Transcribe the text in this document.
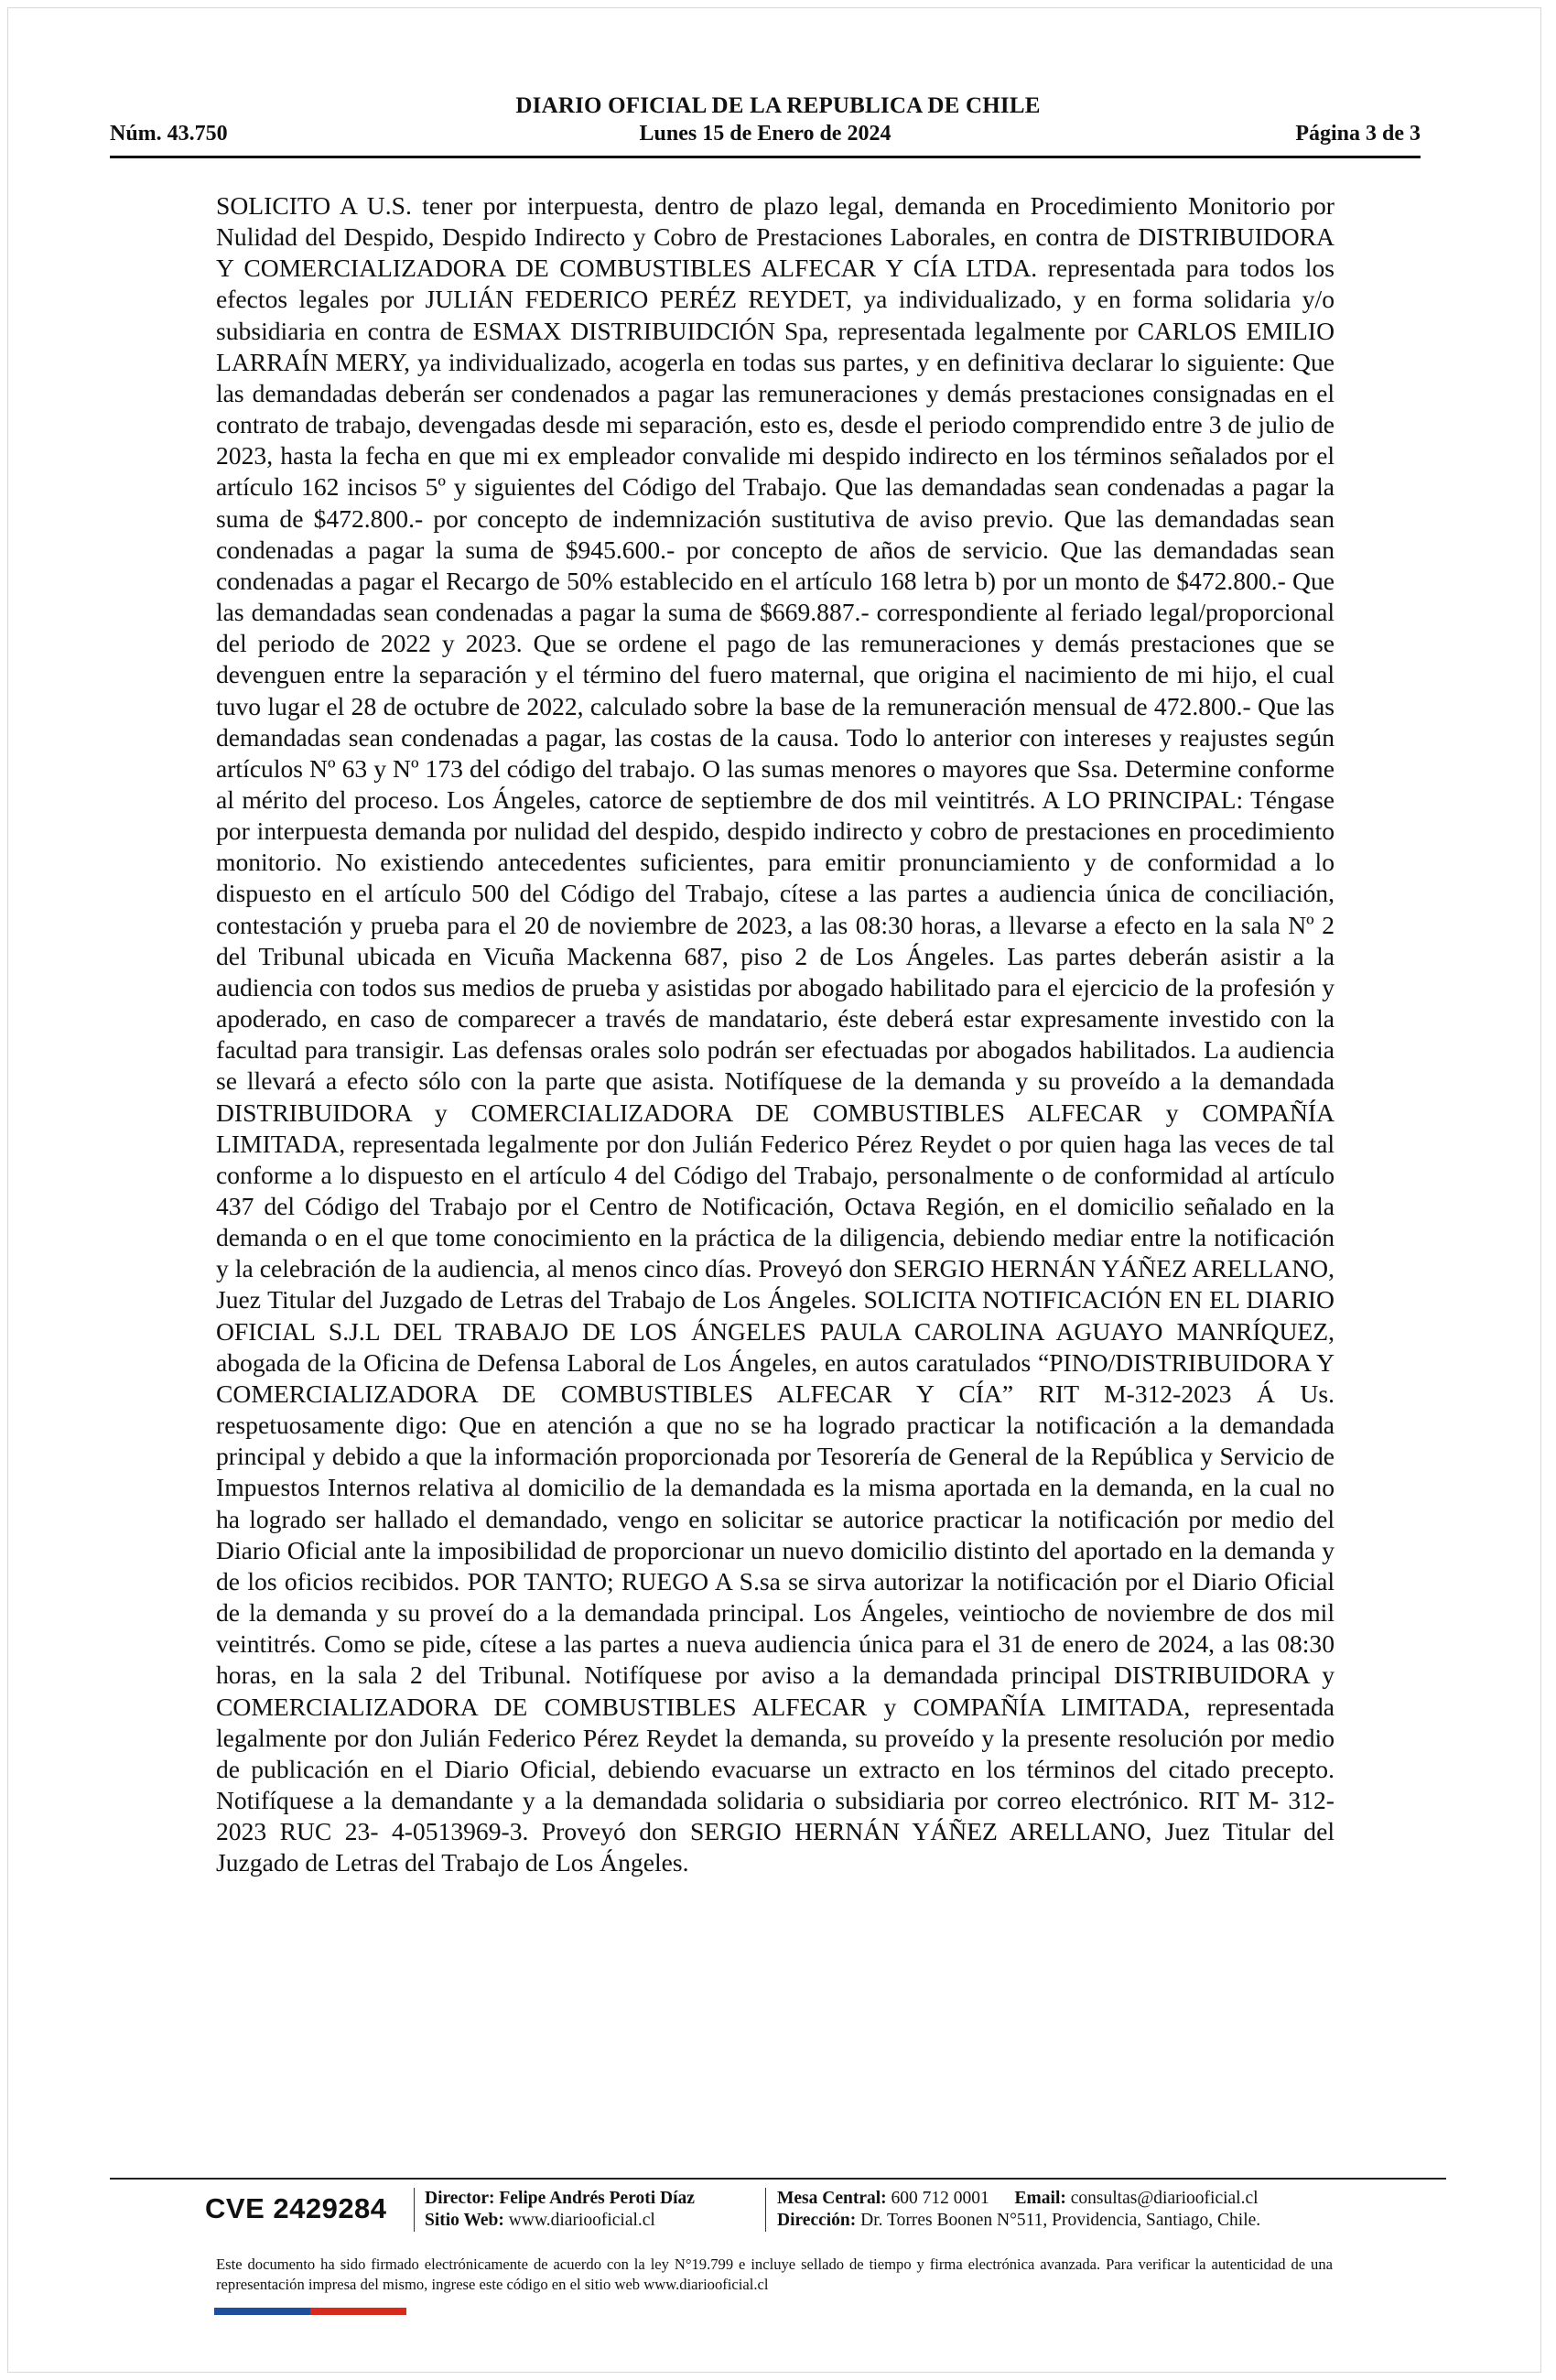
DIARIO OFICIAL DE LA REPUBLICA DE CHILE
Núm. 43.750	Lunes 15 de Enero de 2024	Página 3 de 3

SOLICITO A U.S. tener por interpuesta, dentro de plazo legal, demanda en Procedimiento Monitorio por Nulidad del Despido, Despido Indirecto y Cobro de Prestaciones Laborales, en contra de DISTRIBUIDORA Y COMERCIALIZADORA DE COMBUSTIBLES ALFECAR Y CÍA LTDA. representada para todos los efectos legales por JULIÁN FEDERICO PERÉZ REYDET, ya individualizado, y en forma solidaria y/o subsidiaria en contra de ESMAX DISTRIBUIDCIÓN Spa, representada legalmente por CARLOS EMILIO LARRAÍN MERY, ya individualizado, acogerla en todas sus partes, y en definitiva declarar lo siguiente: Que las demandadas deberán ser condenados a pagar las remuneraciones y demás prestaciones consignadas en el contrato de trabajo, devengadas desde mi separación, esto es, desde el periodo comprendido entre 3 de julio de 2023, hasta la fecha en que mi ex empleador convalide mi despido indirecto en los términos señalados por el artículo 162 incisos 5º y siguientes del Código del Trabajo. Que las demandadas sean condenadas a pagar la suma de $472.800.- por concepto de indemnización sustitutiva de aviso previo. Que las demandadas sean condenadas a pagar la suma de $945.600.- por concepto de años de servicio. Que las demandadas sean condenadas a pagar el Recargo de 50% establecido en el artículo 168 letra b) por un monto de $472.800.- Que las demandadas sean condenadas a pagar la suma de $669.887.- correspondiente al feriado legal/proporcional del periodo de 2022 y 2023. Que se ordene el pago de las remuneraciones y demás prestaciones que se devenguen entre la separación y el término del fuero maternal, que origina el nacimiento de mi hijo, el cual tuvo lugar el 28 de octubre de 2022, calculado sobre la base de la remuneración mensual de 472.800.- Que las demandadas sean condenadas a pagar, las costas de la causa. Todo lo anterior con intereses y reajustes según artículos Nº 63 y Nº 173 del código del trabajo. O las sumas menores o mayores que Ssa. Determine conforme al mérito del proceso. Los Ángeles, catorce de septiembre de dos mil veintitrés. A LO PRINCIPAL: Téngase por interpuesta demanda por nulidad del despido, despido indirecto y cobro de prestaciones en procedimiento monitorio. No existiendo antecedentes suficientes, para emitir pronunciamiento y de conformidad a lo dispuesto en el artículo 500 del Código del Trabajo, cítese a las partes a audiencia única de conciliación, contestación y prueba para el 20 de noviembre de 2023, a las 08:30 horas, a llevarse a efecto en la sala Nº 2 del Tribunal ubicada en Vicuña Mackenna 687, piso 2 de Los Ángeles. Las partes deberán asistir a la audiencia con todos sus medios de prueba y asistidas por abogado habilitado para el ejercicio de la profesión y apoderado, en caso de comparecer a través de mandatario, éste deberá estar expresamente investido con la facultad para transigir. Las defensas orales solo podrán ser efectuadas por abogados habilitados. La audiencia se llevará a efecto sólo con la parte que asista. Notifíquese de la demanda y su proveído a la demandada DISTRIBUIDORA y COMERCIALIZADORA DE COMBUSTIBLES ALFECAR y COMPAÑÍA LIMITADA, representada legalmente por don Julián Federico Pérez Reydet o por quien haga las veces de tal conforme a lo dispuesto en el artículo 4 del Código del Trabajo, personalmente o de conformidad al artículo 437 del Código del Trabajo por el Centro de Notificación, Octava Región, en el domicilio señalado en la demanda o en el que tome conocimiento en la práctica de la diligencia, debiendo mediar entre la notificación y la celebración de la audiencia, al menos cinco días. Proveyó don SERGIO HERNÁN YÁÑEZ ARELLANO, Juez Titular del Juzgado de Letras del Trabajo de Los Ángeles. SOLICITA NOTIFICACIÓN EN EL DIARIO OFICIAL S.J.L DEL TRABAJO DE LOS ÁNGELES PAULA CAROLINA AGUAYO MANRÍQUEZ, abogada de la Oficina de Defensa Laboral de Los Ángeles, en autos caratulados “PINO/DISTRIBUIDORA Y COMERCIALIZADORA DE COMBUSTIBLES ALFECAR Y CÍA” RIT M-312-2023 Á Us. respetuosamente digo: Que en atención a que no se ha logrado practicar la notificación a la demandada principal y debido a que la información proporcionada por Tesorería de General de la República y Servicio de Impuestos Internos relativa al domicilio de la demandada es la misma aportada en la demanda, en la cual no ha logrado ser hallado el demandado, vengo en solicitar se autorice practicar la notificación por medio del Diario Oficial ante la imposibilidad de proporcionar un nuevo domicilio distinto del aportado en la demanda y de los oficios recibidos. POR TANTO; RUEGO A S.sa se sirva autorizar la notificación por el Diario Oficial de la demanda y su proveí do a la demandada principal. Los Ángeles, veintiocho de noviembre de dos mil veintitrés. Como se pide, cítese a las partes a nueva audiencia única para el 31 de enero de 2024, a las 08:30 horas, en la sala 2 del Tribunal. Notifíquese por aviso a la demandada principal DISTRIBUIDORA y COMERCIALIZADORA DE COMBUSTIBLES ALFECAR y COMPAÑÍA LIMITADA, representada legalmente por don Julián Federico Pérez Reydet la demanda, su proveído y la presente resolución por medio de publicación en el Diario Oficial, debiendo evacuarse un extracto en los términos del citado precepto. Notifíquese a la demandante y a la demandada solidaria o subsidiaria por correo electrónico. RIT M- 312-2023 RUC 23- 4-0513969-3. Proveyó don SERGIO HERNÁN YÁÑEZ ARELLANO, Juez Titular del Juzgado de Letras del Trabajo de Los Ángeles.

CVE 2429284	Director: Felipe Andrés Peroti Díaz
Sitio Web: www.diariooficial.cl
Mesa Central: 600 712 0001 Email: consultas@diariooficial.cl
Dirección: Dr. Torres Boonen N°511, Providencia, Santiago, Chile.

Este documento ha sido firmado electrónicamente de acuerdo con la ley N°19.799 e incluye sellado de tiempo y firma electrónica avanzada. Para verificar la autenticidad de una representación impresa del mismo, ingrese este código en el sitio web www.diariooficial.cl
